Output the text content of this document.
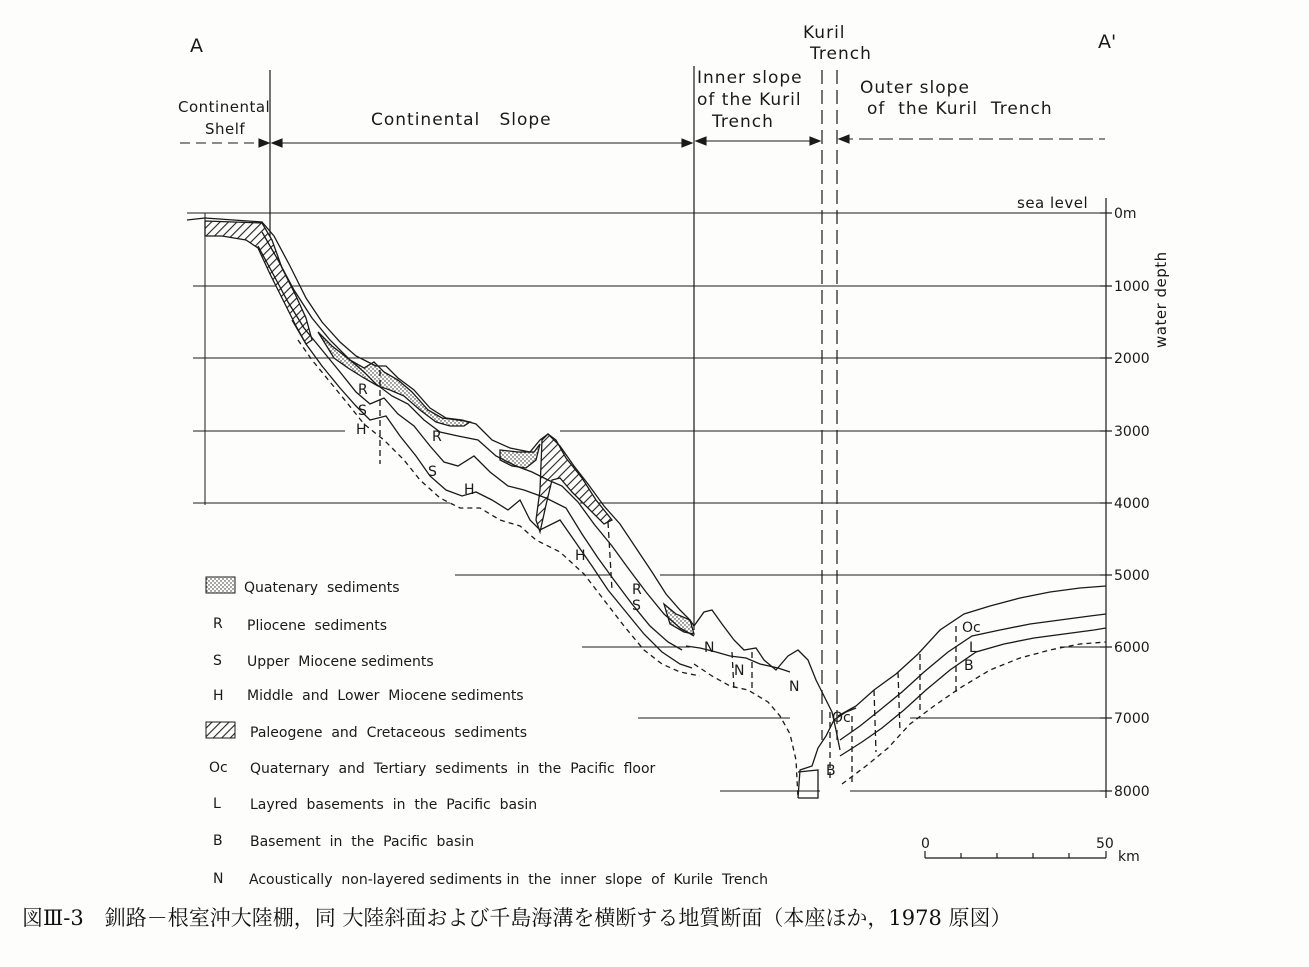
A	A'
Continental
Shelf	Continental   Slope
Inner slope
of the Kuril
Trench
Kuril
Trench
Outer slope
of  the Kuril  Trench
sea level
0m
1000
2000
3000
4000
5000
6000
7000
8000
water depth
R
S
H	R
S
H
H
R
S
N
N
N
Oc
B
Oc
L
B
Quatenary  sediments
R Pliocene  sediments
S Upper  Miocene sediments
H Middle  and  Lower  Miocene sediments
Paleogene  and  Cretaceous  sediments
Oc Quaternary  and  Tertiary  sediments  in  the  Pacific  floor
L Layred  basements  in  the  Pacific  basin
B Basement  in  the  Pacific  basin
N Acoustically  non-layered sediments in  the  inner  slope  of  Kurile  Trench
0	50
km
図Ⅲ-3　釧路－根室沖大陸棚，同 大陸斜面および千島海溝を横断する地質断面（本座ほか，1978 原図）
